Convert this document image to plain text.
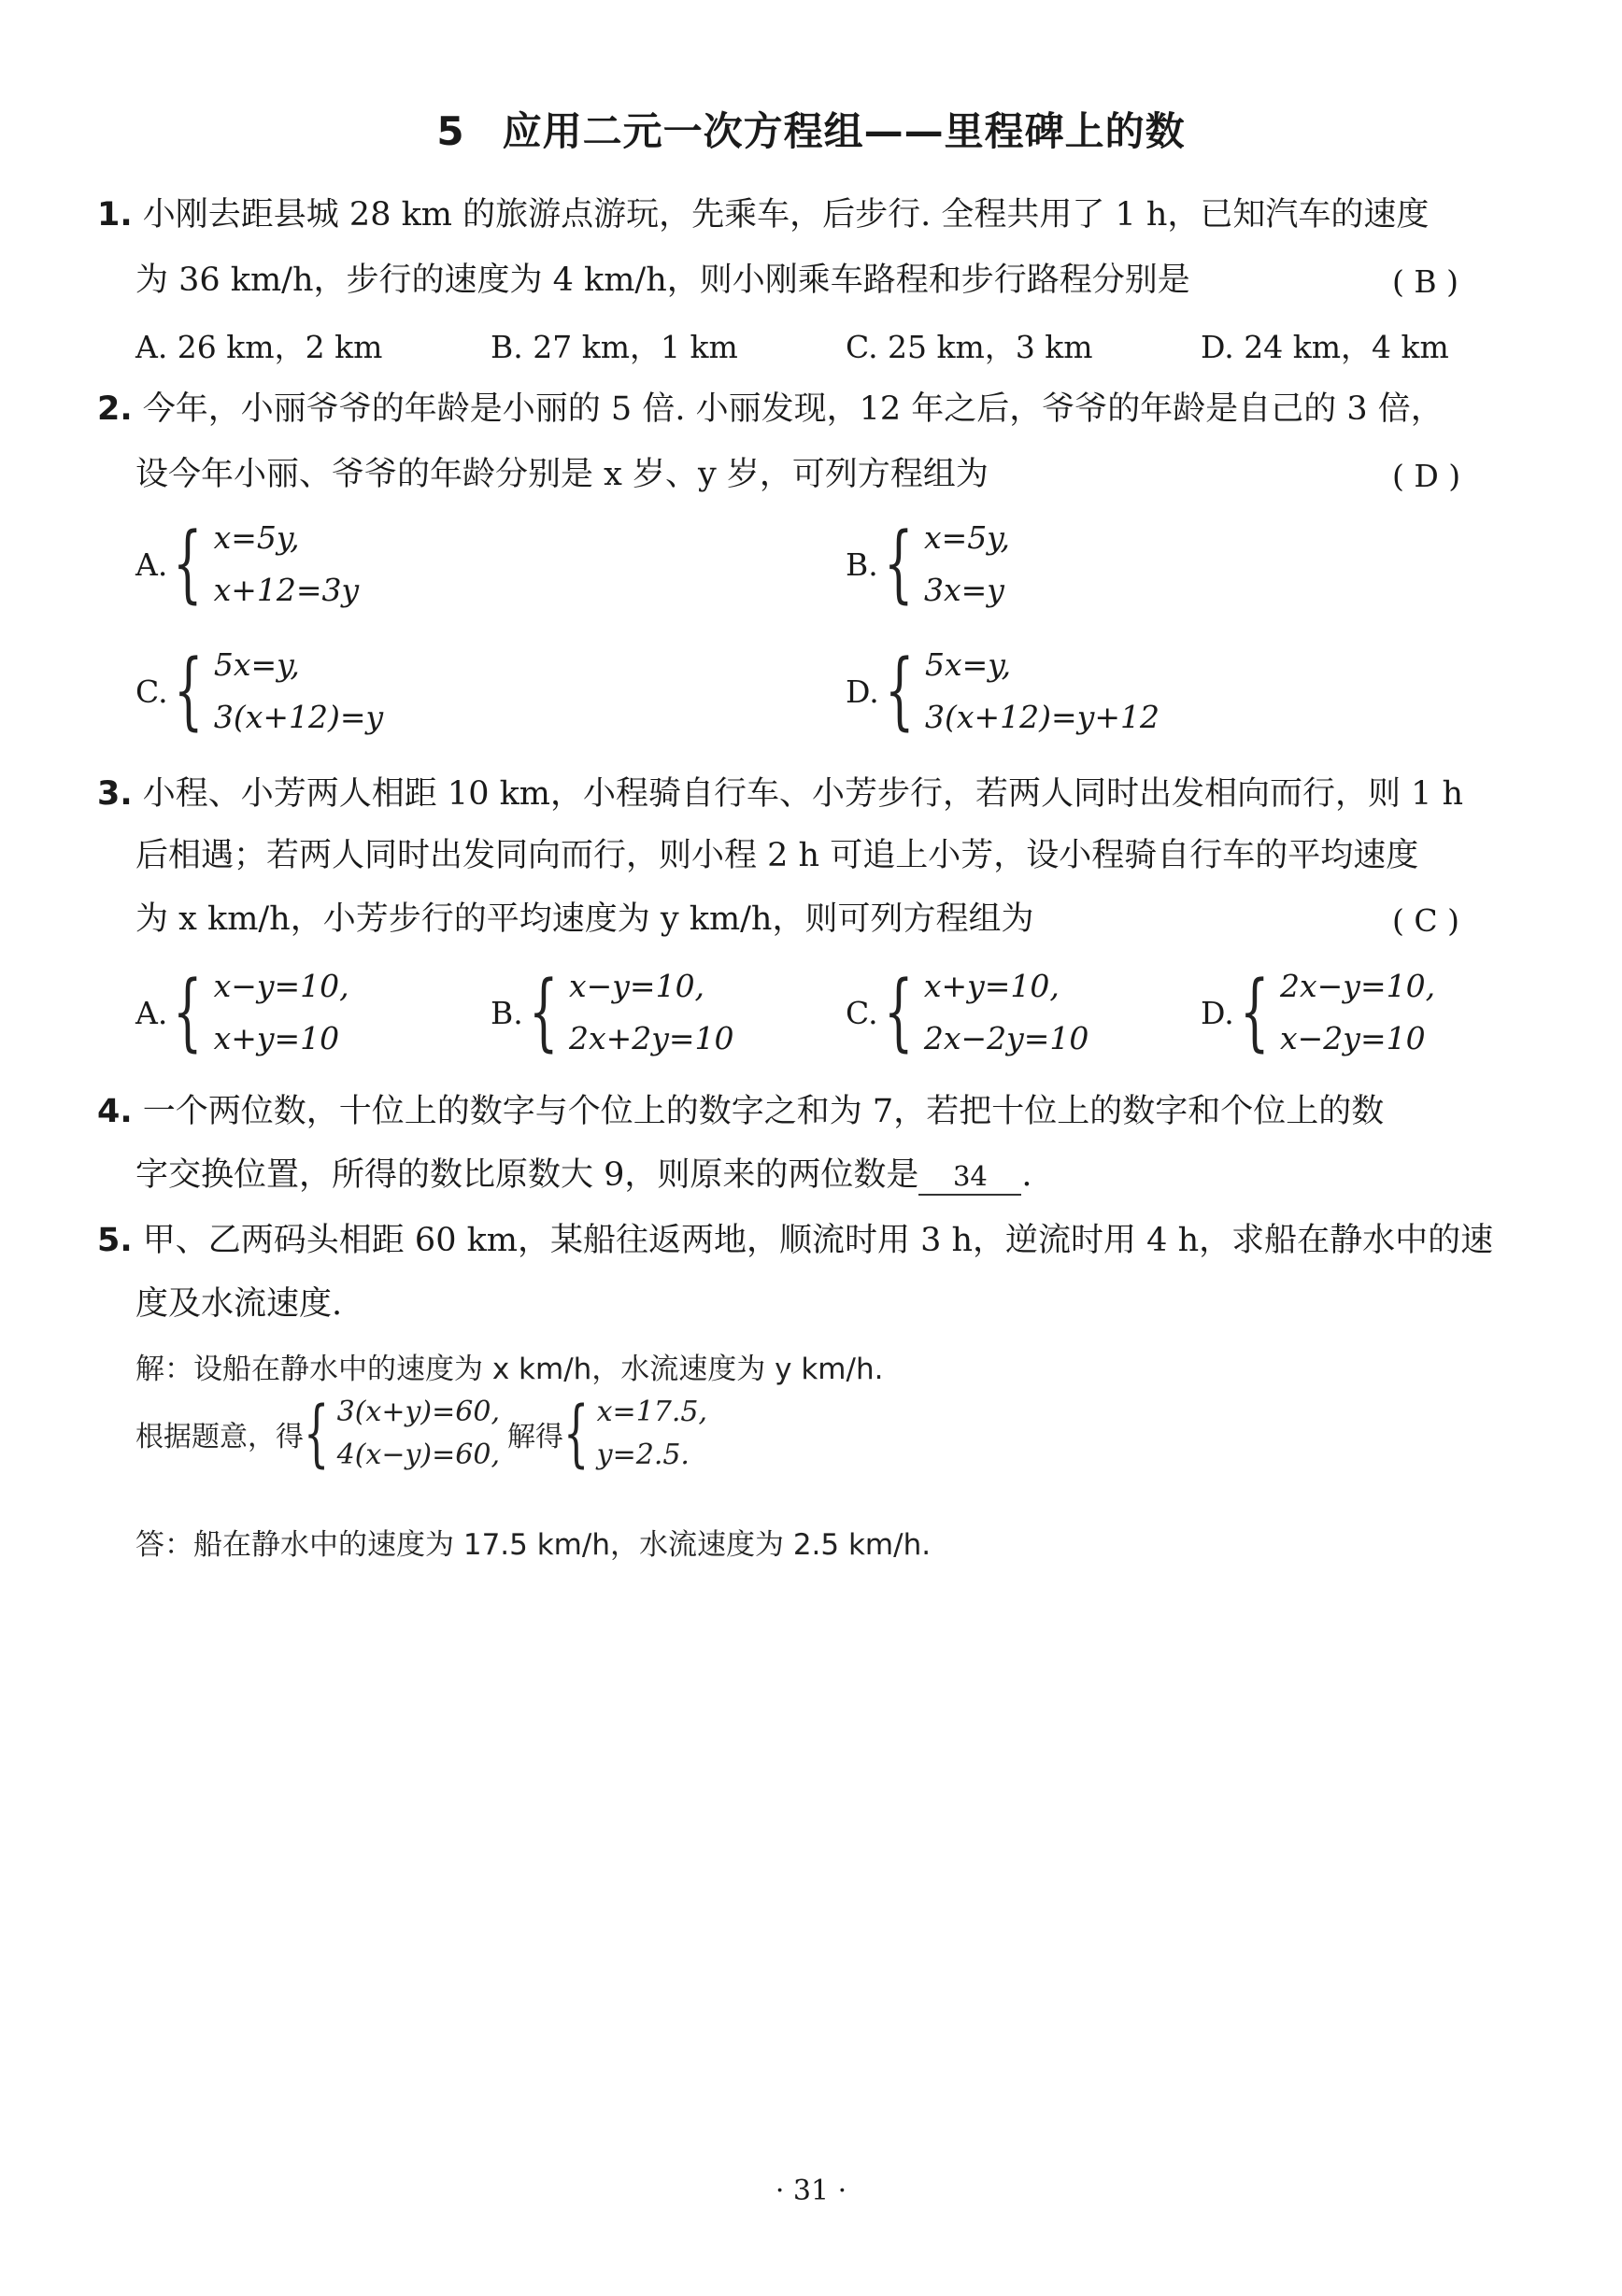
5 应用二元一次方程组——里程碑上的数
1. 小刚去距县城 28 km 的旅游点游玩，先乘车，后步行. 全程共用了 1 h，已知汽车的速度
为 36 km/h，步行的速度为 4 km/h，则小刚乘车路程和步行路程分别是	( B )
A. 26 km，2 km	B. 27 km，1 km	C. 25 km，3 km	D. 24 km，4 km
2. 今年，小丽爷爷的年龄是小丽的 5 倍. 小丽发现，12 年之后，爷爷的年龄是自己的 3 倍，
设今年小丽、爷爷的年龄分别是 x 岁、y 岁，可列方程组为	( D )
A. { x=5y,
x+12=3y
B. { x=5y,
3x=y
C. { 5x=y,
3(x+12)=y
D. { 5x=y,
3(x+12)=y+12
3. 小程、小芳两人相距 10 km，小程骑自行车、小芳步行，若两人同时出发相向而行，则 1 h
后相遇；若两人同时出发同向而行，则小程 2 h 可追上小芳，设小程骑自行车的平均速度
为 x km/h，小芳步行的平均速度为 y km/h，则可列方程组为	( C )
A. { x−y=10,
x+y=10
B. { x−y=10,
2x+2y=10
C. { x+y=10,
2x−2y=10
D. { 2x−y=10,
x−2y=10
4. 一个两位数，十位上的数字与个位上的数字之和为 7，若把十位上的数字和个位上的数
字交换位置，所得的数比原数大 9，则原来的两位数是 34 .
5. 甲、乙两码头相距 60 km，某船往返两地，顺流时用 3 h，逆流时用 4 h，求船在静水中的速
度及水流速度.
解：设船在静水中的速度为 x km/h，水流速度为 y km/h.
根据题意，得 { 3(x+y)=60,
4(x−y)=60,
解得 { x=17.5,
y=2.5.
答：船在静水中的速度为 17.5 km/h，水流速度为 2.5 km/h.
· 31 ·
